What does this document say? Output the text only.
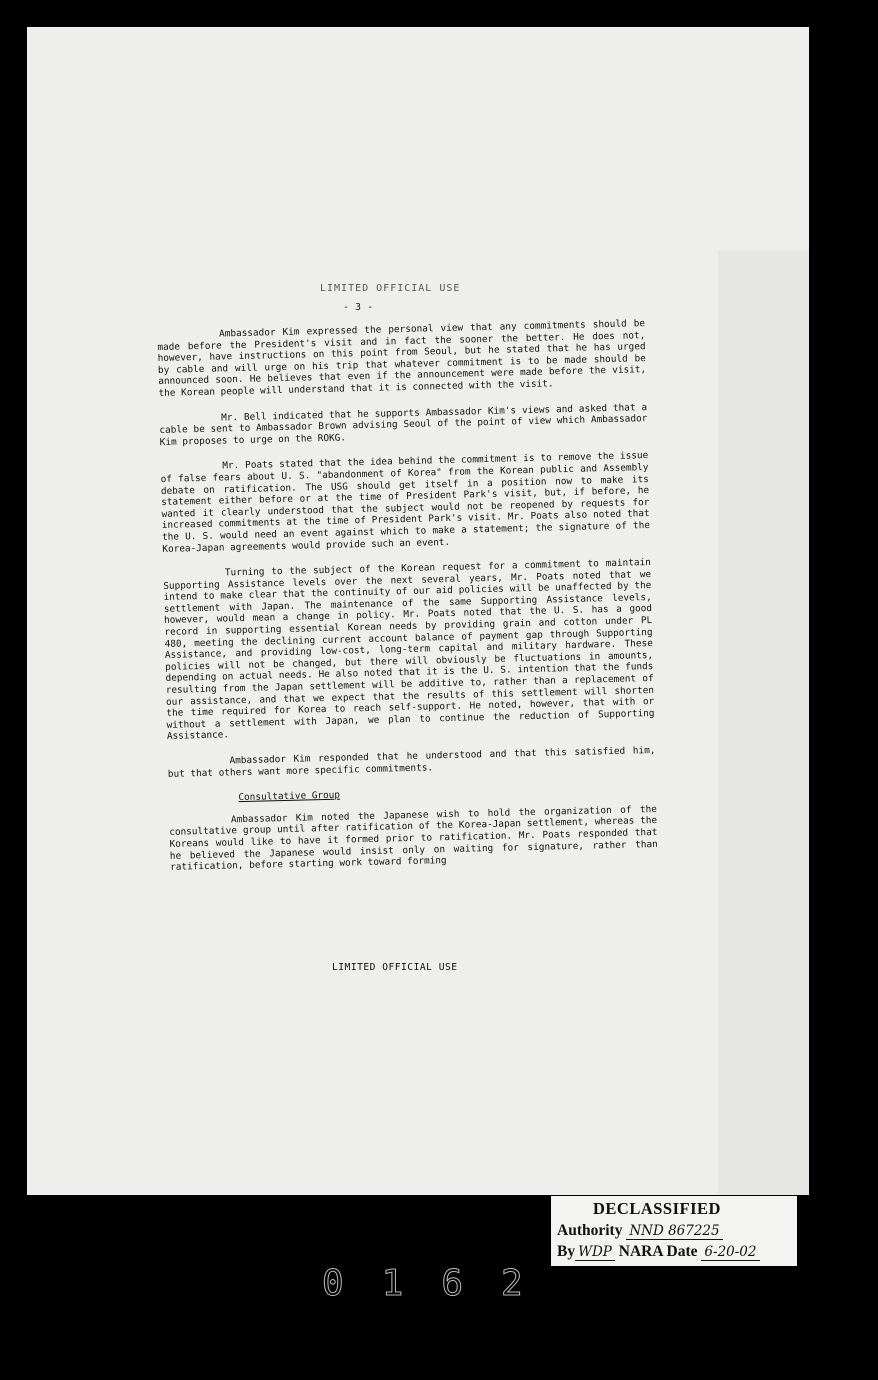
LIMITED OFFICIAL USE
- 3 -

Ambassador Kim expressed the personal view that any commitments should be made before the President's visit and in fact the sooner the better. He does not, however, have instructions on this point from Seoul, but he stated that he has urged by cable and will urge on his trip that whatever commitment is to be made should be announced soon. He believes that even if the announcement were made before the visit, the Korean people will understand that it is connected with the visit.

Mr. Bell indicated that he supports Ambassador Kim's views and asked that a cable be sent to Ambassador Brown advising Seoul of the point of view which Ambassador Kim proposes to urge on the ROKG.

Mr. Poats stated that the idea behind the commitment is to remove the issue of false fears about U. S. "abandonment of Korea" from the Korean public and Assembly debate on ratification. The USG should get itself in a position now to make its statement either before or at the time of President Park's visit, but, if before, he wanted it clearly understood that the subject would not be reopened by requests for increased commitments at the time of President Park's visit. Mr. Poats also noted that the U. S. would need an event against which to make a statement; the signature of the Korea-Japan agreements would provide such an event.

Turning to the subject of the Korean request for a commitment to maintain Supporting Assistance levels over the next several years, Mr. Poats noted that we intend to make clear that the continuity of our aid policies will be unaffected by the settlement with Japan. The maintenance of the same Supporting Assistance levels, however, would mean a change in policy. Mr. Poats noted that the U. S. has a good record in supporting essential Korean needs by providing grain and cotton under PL 480, meeting the declining current account balance of payment gap through Supporting Assistance, and providing low-cost, long-term capital and military hardware. These policies will not be changed, but there will obviously be fluctuations in amounts, depending on actual needs. He also noted that it is the U. S. intention that the funds resulting from the Japan settlement will be additive to, rather than a replacement of our assistance, and that we expect that the results of this settlement will shorten the time required for Korea to reach self-support. He noted, however, that with or without a settlement with Japan, we plan to continue the reduction of Supporting Assistance.

Ambassador Kim responded that he understood and that this satisfied him, but that others want more specific commitments.

Consultative Group

Ambassador Kim noted the Japanese wish to hold the organization of the consultative group until after ratification of the Korea-Japan settlement, whereas the Koreans would like to have it formed prior to ratification. Mr. Poats responded that he believed the Japanese would insist only on waiting for signature, rather than ratification, before starting work toward forming

LIMITED OFFICIAL USE
DECLASSIFIED
Authority NND 867225
By WDP NARA Date 6-20-02
0162
